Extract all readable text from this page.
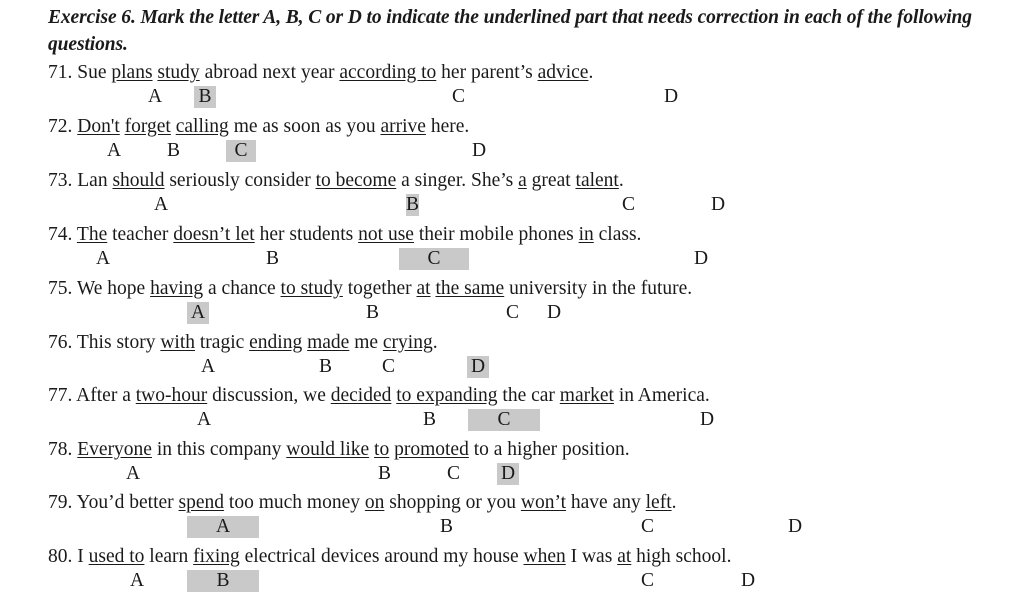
Exercise 6. Mark the letter A, B, C or D to indicate the underlined part that needs correction in each of the following questions.
71. Sue plans study abroad next year according to her parent’s advice.
A B	C	D
72. Don't forget calling me as soon as you arrive here.
A B	C	D
73. Lan should seriously consider to become a singer. She’s a great talent.
A	B	C	D
74. The teacher doesn’t let her students not use their mobile phones in class.
A	B	C	D
75. We hope having a chance to study together at the same university in the future.
A	B	C D
76. This story with tragic ending made me crying.
A	B	C	D
77. After a two-hour discussion, we decided to expanding the car market in America.
A	B	C	D
78. Everyone in this company would like to promoted to a higher position.
A	B	C D
79. You’d better spend too much money on shopping or you won’t have any left.
A	B	C	D
80. I used to learn fixing electrical devices around my house when I was at high school.
A	B	C	D
